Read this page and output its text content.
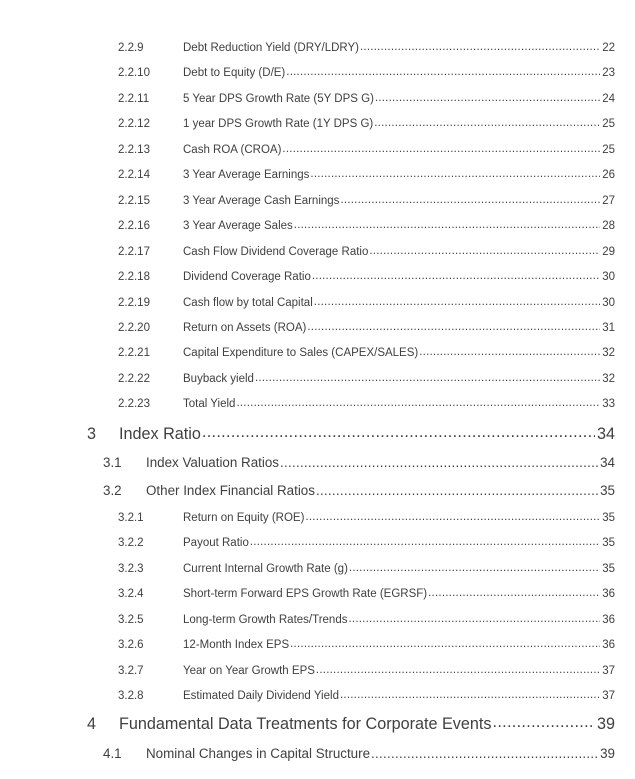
2.2.9	Debt Reduction Yield (DRY/LDRY) .....	22
2.2.10	Debt to Equity (D/E) .....	23
2.2.11	5 Year DPS Growth Rate (5Y DPS G) .....	24
2.2.12	1 year DPS Growth Rate (1Y DPS G) .....	25
2.2.13	Cash ROA (CROA) .....	25
2.2.14	3 Year Average Earnings .....	26
2.2.15	3 Year Average Cash Earnings .....	27
2.2.16	3 Year Average Sales .....	28
2.2.17	Cash Flow Dividend Coverage Ratio .....	29
2.2.18	Dividend Coverage Ratio .....	30
2.2.19	Cash flow by total Capital .....	30
2.2.20	Return on Assets (ROA) .....	31
2.2.21	Capital Expenditure to Sales (CAPEX/SALES) .....	32
2.2.22	Buyback yield .....	32
2.2.23	Total Yield .....	33
3	Index Ratio .....	34
3.1	Index Valuation Ratios .....	34
3.2	Other Index Financial Ratios .....	35
3.2.1	Return on Equity (ROE) .....	35
3.2.2	Payout Ratio .....	35
3.2.3	Current Internal Growth Rate (g) .....	35
3.2.4	Short-term Forward EPS Growth Rate (EGRSF) .....	36
3.2.5	Long-term Growth Rates/Trends .....	36
3.2.6	12-Month Index EPS .....	36
3.2.7	Year on Year Growth EPS .....	37
3.2.8	Estimated Daily Dividend Yield .....	37
4	Fundamental Data Treatments for Corporate Events .....	39
4.1	Nominal Changes in Capital Structure .....	39
